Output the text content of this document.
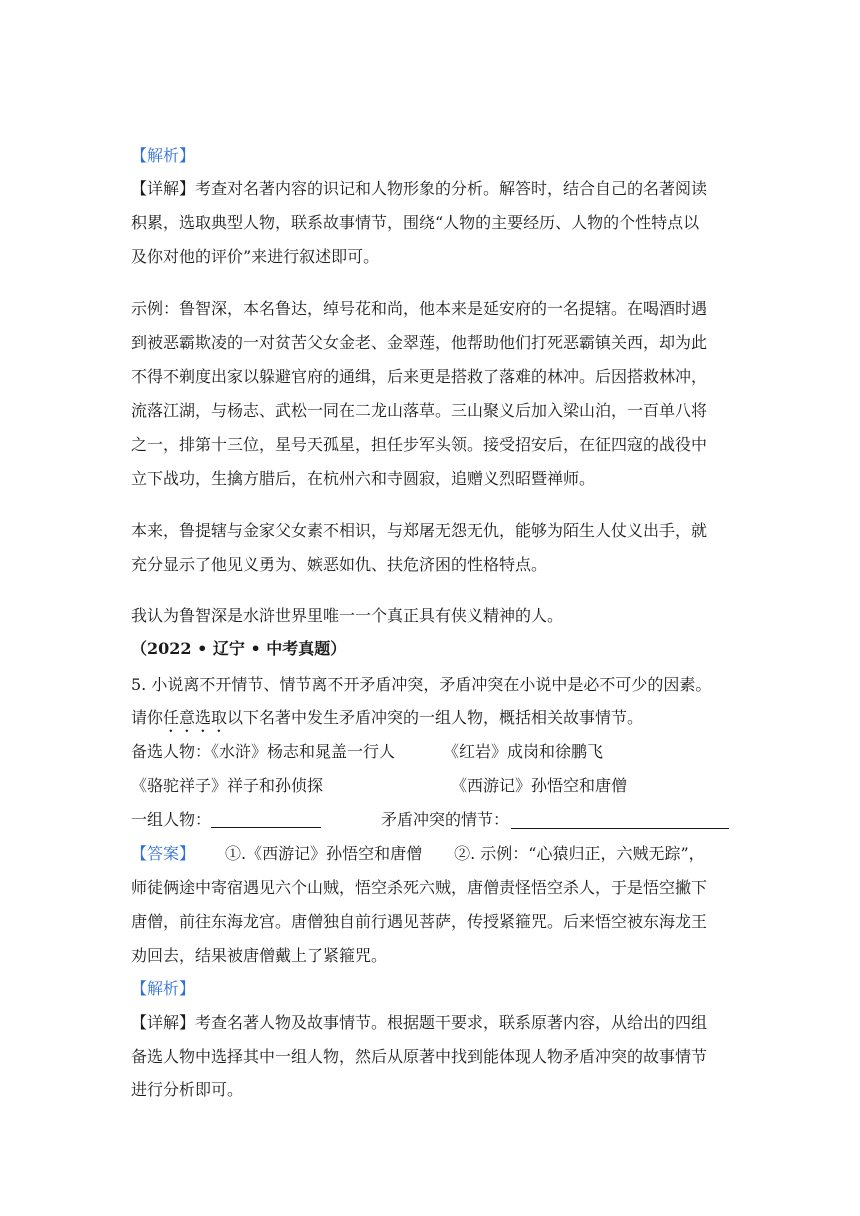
【解析】
【详解】考查对名著内容的识记和人物形象的分析。解答时，结合自己的名著阅读
积累，选取典型人物，联系故事情节，围绕“人物的主要经历、人物的个性特点以
及你对他的评价”来进行叙述即可。
示例：鲁智深，本名鲁达，绰号花和尚，他本来是延安府的一名提辖。在喝酒时遇
到被恶霸欺凌的一对贫苦父女金老、金翠莲，他帮助他们打死恶霸镇关西，却为此
不得不剃度出家以躲避官府的通缉，后来更是搭救了落难的林冲。后因搭救林冲，
流落江湖，与杨志、武松一同在二龙山落草。三山聚义后加入梁山泊，一百单八将
之一，排第十三位，星号天孤星，担任步军头领。接受招安后，在征四寇的战役中
立下战功，生擒方腊后，在杭州六和寺圆寂，追赠义烈昭暨禅师。
本来，鲁提辖与金家父女素不相识，与郑屠无怨无仇，能够为陌生人仗义出手，就
充分显示了他见义勇为、嫉恶如仇、扶危济困的性格特点。
我认为鲁智深是水浒世界里唯一一个真正具有侠义精神的人。
（2022 • 辽宁 • 中考真题）
5. 小说离不开情节、情节离不开矛盾冲突，矛盾冲突在小说中是必不可少的因素。
请你任意选取以下名著中发生矛盾冲突的一组人物，概括相关故事情节。
备选人物：《水浒》杨志和晁盖一行人	《红岩》成岗和徐鹏飞
《骆驼祥子》祥子和孙侦探	《西游记》孙悟空和唐僧
一组人物：	矛盾冲突的情节：
【答案】 ①.《西游记》孙悟空和唐僧　　②. 示例：“心猿归正，六贼无踪”，
师徒俩途中寄宿遇见六个山贼，悟空杀死六贼，唐僧责怪悟空杀人，于是悟空撇下
唐僧，前往东海龙宫。唐僧独自前行遇见菩萨，传授紧箍咒。后来悟空被东海龙王
劝回去，结果被唐僧戴上了紧箍咒。
【解析】
【详解】考查名著人物及故事情节。根据题干要求，联系原著内容，从给出的四组
备选人物中选择其中一组人物，然后从原著中找到能体现人物矛盾冲突的故事情节
进行分析即可。
